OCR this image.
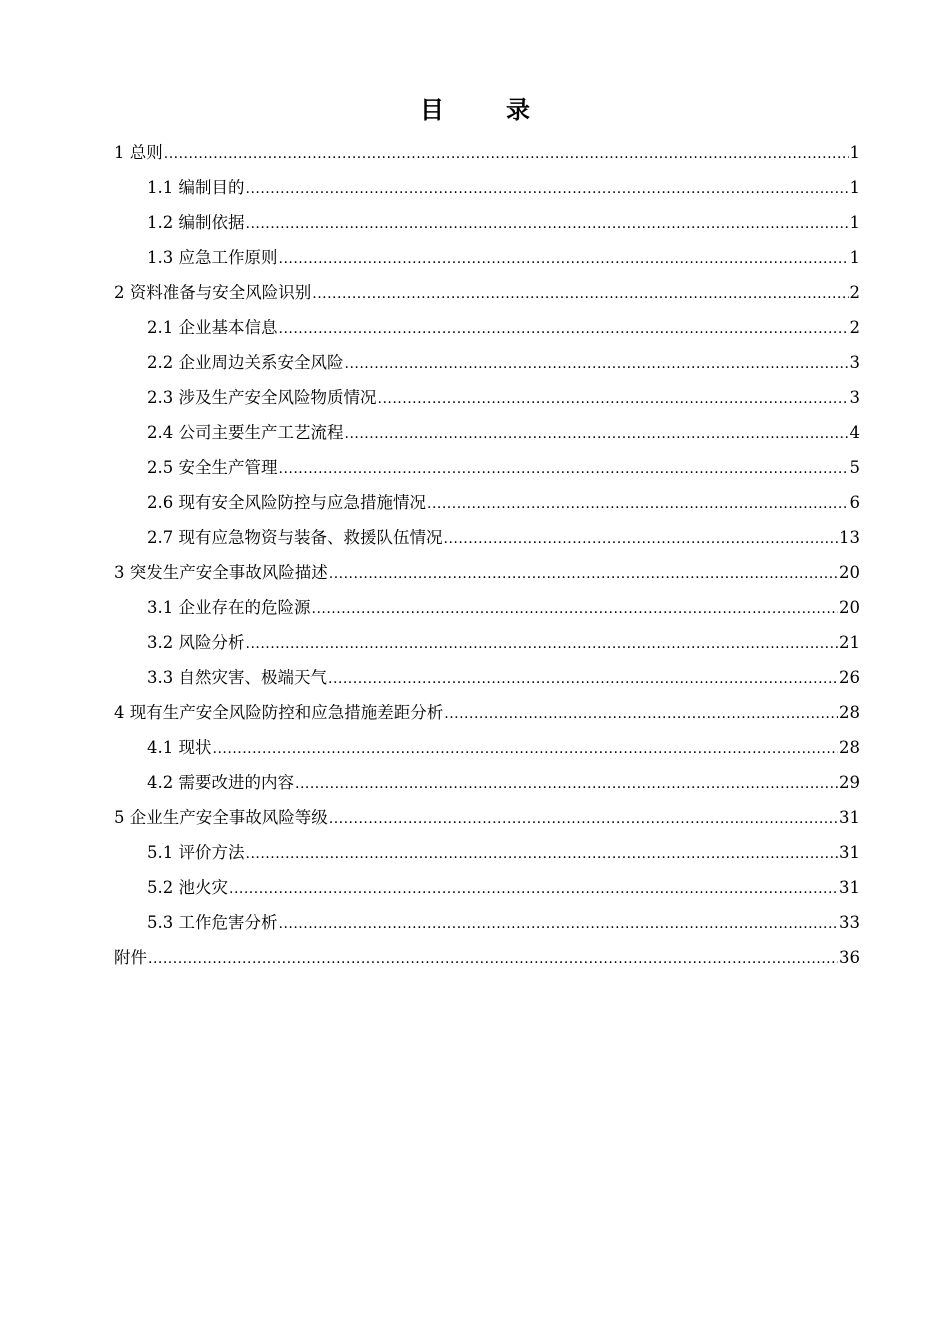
目	录
1 总则 .....	1
1.1 编制目的 .....	1
1.2 编制依据 .....	1
1.3 应急工作原则 .....	1
2 资料准备与安全风险识别 .....	2
2.1 企业基本信息 .....	2
2.2 企业周边关系安全风险 .....	3
2.3 涉及生产安全风险物质情况 .....	3
2.4 公司主要生产工艺流程 .....	4
2.5 安全生产管理 .....	5
2.6 现有安全风险防控与应急措施情况 .....	6
2.7 现有应急物资与装备、救援队伍情况 .....	13
3 突发生产安全事故风险描述 .....	20
3.1 企业存在的危险源 .....	20
3.2 风险分析 .....	21
3.3 自然灾害、极端天气 .....	26
4 现有生产安全风险防控和应急措施差距分析 .....	28
4.1 现状 .....	28
4.2 需要改进的内容 .....	29
5 企业生产安全事故风险等级 .....	31
5.1 评价方法 .....	31
5.2 池火灾 .....	31
5.3 工作危害分析 .....	33
附件 .....	36
